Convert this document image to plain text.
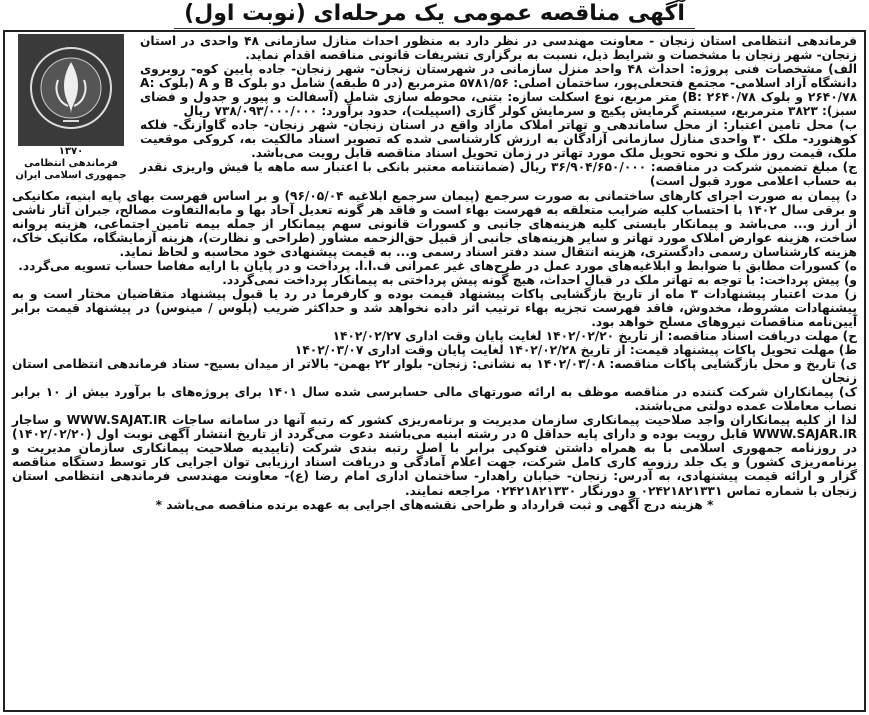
آگهی مناقصه عمومی یک مرحله‌ای (نوبت اول)
۱۳۷۰
فرماندهی انتظامی جمهوری اسلامی ایران

فرماندهی انتظامی استان زنجان - معاونت مهندسی در نظر دارد به منظور احداث منازل سازمانی ۴۸ واحدی در استان زنجان- شهر زنجان با مشخصات و شرایط ذیل، نسبت به برگزاری تشریفات قانونی مناقصه اقدام نماید.

الف) مشخصات فنی پروژه: احداث ۴۸ واحد منزل سازمانی در شهرستان زنجان- شهر زنجان- جاده پایین کوه- روبروی دانشگاه آزاد اسلامی- مجتمع فتحعلی‌پور، ساختمان اصلی: ۵۷۸۱/۵۶ مترمربع (در ۵ طبقه) شامل دو بلوک B و A (بلوک A: ۲۶۴۰/۷۸ و بلوک B: ۲۶۴۰/۷۸) متر مربع، نوع اسکلت سازه: بتنی، محوطه سازی شامل (آسفالت و پیور و جدول و فضای سبز): ۳۸۲۳ مترمربع، سیستم گرمایش پکیج و سرمایش کولر گازی (اسپیلت)، حدود برآورد: ۷۳۸/۰۹۳/۰۰۰/۰۰۰ ریال

ب) محل تامین اعتبار: از محل ساماندهی و تهاتر املاک مازاد واقع در استان زنجان- شهر زنجان- جاده گاوازنگ- فلکه کوهنورد- ملک ۳۰ واحدی منازل سازمانی آزادگان به ارزش کارشناسی شده که تصویر اسناد مالکیت به، کروکی موقعیت ملک، قیمت روز ملک و نحوه تحویل ملک مورد تهاتر در زمان تحویل اسناد مناقصه قابل رویت می‌باشد.

ج) مبلغ تضمین شرکت در مناقصه: ۳۶/۹۰۴/۶۵۰/۰۰۰ ریال (ضمانتنامه معتبر بانکی با اعتبار سه ماهه یا فیش واریزی نقدر به حساب اعلامی مورد قبول است)

د) پیمان به صورت اجرای کارهای ساختمانی به صورت سرجمع (پیمان سرجمع ابلاغیه ۹۶/۰۵/۰۴) و بر اساس فهرست بهای پایه ابنیه، مکانیکی و برقی سال ۱۴۰۲ با احتساب کلیه ضرایب متعلقه به فهرست بهاء است و فاقد هر گونه تعدیل آحاد بها و مابه‌التفاوت مصالح، جبران آثار ناشی از ارز و... می‌باشد و پیمانکار بایستی کلیه هزینه‌های جانبی و کسورات قانونی سهم پیمانکار از جمله بیمه تامین اجتماعی، هزینه پروانه ساخت، هزینه عوارض املاک مورد تهاتر و سایر هزینه‌های جانبی از قبیل حق‌الزحمه مشاور (طراحی و نظارت)، هزینه آزمایشگاه، مکانیک خاک، هزینه کارشناسان رسمی دادگستری، هزینه انتقال سند دفتر اسناد رسمی و... به قیمت پیشنهادی خود محاسبه و لحاظ نماید.

ه) کسورات مطابق با ضوابط و ابلاغیه‌های مورد عمل در طرح‌های غیر عمرانی ف.ا.ا. پرداخت و در پایان با ارایه مفاصا حساب تسویه می‌گردد.

و) پیش پرداخت: با توجه به تهاتر ملک در قبال احداث، هیچ گونه پیش پرداختی به پیمانکار پرداخت نمی‌گردد.

ز) مدت اعتبار پیشنهادات ۳ ماه از تاریخ بازگشایی پاکات پیشنهاد قیمت بوده و کارفرما در رد یا قبول پیشنهاد متقاضیان مختار است و به پیشنهادات مشروط، مخدوش، فاقد فهرست تجزیه بهاء ترتیب اثر داده نخواهد شد و حداکثر ضریب (پلوس / مینوس) در پیشنهاد قیمت برابر آیین‌نامه مناقصات نیروهای مسلح خواهد بود.

ح) مهلت دریافت اسناد مناقصه: از تاریخ ۱۴۰۲/۰۲/۲۰ لغایت پایان وقت اداری ۱۴۰۲/۰۲/۲۷

ط) مهلت تحویل پاکات پیشنهاد قیمت: از تاریخ ۱۴۰۲/۰۲/۲۸ لغایت پایان وقت اداری ۱۴۰۲/۰۳/۰۷

ی) تاریخ و محل بازگشایی پاکات مناقصه: ۱۴۰۲/۰۳/۰۸ به نشانی: زنجان- بلوار ۲۲ بهمن- بالاتر از میدان بسیج- ستاد فرماندهی انتظامی استان زنجان

ک) پیمانکاران شرکت کننده در مناقصه موظف به ارائه صورتهای مالی حسابرسی شده سال ۱۴۰۱ برای پروژه‌های با برآورد بیش از ۱۰ برابر نصاب معاملات عمده دولتی می‌باشند.

لذا از کلیه پیمانکاران واجد صلاحیت پیمانکاری سازمان مدیریت و برنامه‌ریزی کشور که رتبه آنها در سامانه ساجات WWW.SAJAT.IR و ساجار WWW.SAJAR.IR قابل رویت بوده و دارای پایه حداقل ۵ در رشته ابنیه می‌باشند دعوت می‌گردد از تاریخ انتشار آگهی نوبت اول (۱۴۰۲/۰۲/۲۰) در روزنامه جمهوری اسلامی با به همراه داشتن فتوکپی برابر با اصل رتبه بندی شرکت (تاییدیه صلاحیت پیمانکاری سازمان مدیریت و برنامه‌ریزی کشور) و یک جلد رزومه کاری کامل شرکت، جهت اعلام آمادگی و دریافت اسناد ارزیابی توان اجرایی کار توسط دستگاه مناقصه گزار و ارائه قیمت پیشنهادی، به آدرس: زنجان- خیابان راهدار- ساختمان اداری امام رضا (ع)- معاونت مهندسی فرماندهی انتظامی استان زنجان با شماره تماس ۰۲۴۲۱۸۲۱۳۳۱ و دورنگار ۰۲۴۲۱۸۲۱۳۳۰ مراجعه نمایند.

* هزینه درج آگهی و ثبت قرارداد و طراحی نقشه‌های اجرایی به عهده برنده مناقصه می‌باشد *
